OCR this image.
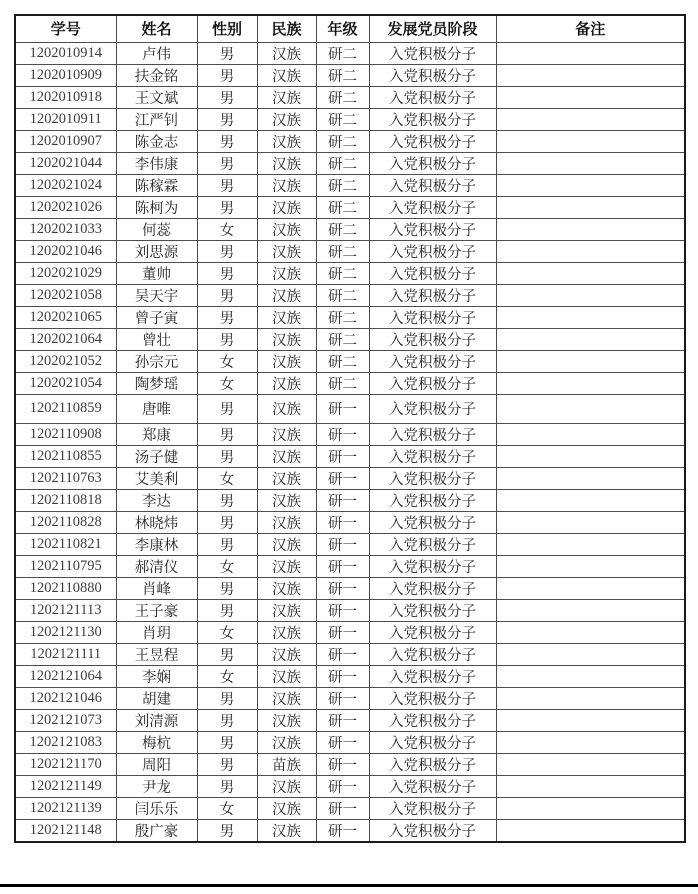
学号	姓名	性别	民族	年级	发展党员阶段	备注
1202010914	卢伟	男	汉族	研二	入党积极分子	
1202010909	扶金铭	男	汉族	研二	入党积极分子	
1202010918	王文斌	男	汉族	研二	入党积极分子	
1202010911	江严钊	男	汉族	研二	入党积极分子	
1202010907	陈金志	男	汉族	研二	入党积极分子	
1202021044	李伟康	男	汉族	研二	入党积极分子	
1202021024	陈稼霖	男	汉族	研二	入党积极分子	
1202021026	陈柯为	男	汉族	研二	入党积极分子	
1202021033	何蕊	女	汉族	研二	入党积极分子	
1202021046	刘思源	男	汉族	研二	入党积极分子	
1202021029	董帅	男	汉族	研二	入党积极分子	
1202021058	吴天宇	男	汉族	研二	入党积极分子	
1202021065	曾子寅	男	汉族	研二	入党积极分子	
1202021064	曾壮	男	汉族	研二	入党积极分子	
1202021052	孙宗元	女	汉族	研二	入党积极分子	
1202021054	陶梦瑶	女	汉族	研二	入党积极分子	
1202110859	唐唯	男	汉族	研一	入党积极分子	
1202110908	郑康	男	汉族	研一	入党积极分子	
1202110855	汤子健	男	汉族	研一	入党积极分子	
1202110763	艾美利	女	汉族	研一	入党积极分子	
1202110818	李达	男	汉族	研一	入党积极分子	
1202110828	林晓炜	男	汉族	研一	入党积极分子	
1202110821	李康林	男	汉族	研一	入党积极分子	
1202110795	郝清仪	女	汉族	研一	入党积极分子	
1202110880	肖峰	男	汉族	研一	入党积极分子	
1202121113	王子豪	男	汉族	研一	入党积极分子	
1202121130	肖玥	女	汉族	研一	入党积极分子	
1202121111	王昱程	男	汉族	研一	入党积极分子	
1202121064	李娴	女	汉族	研一	入党积极分子	
1202121046	胡建	男	汉族	研一	入党积极分子	
1202121073	刘清源	男	汉族	研一	入党积极分子	
1202121083	梅杭	男	汉族	研一	入党积极分子	
1202121170	周阳	男	苗族	研一	入党积极分子	
1202121149	尹龙	男	汉族	研一	入党积极分子	
1202121139	闫乐乐	女	汉族	研一	入党积极分子	
1202121148	殷广豪	男	汉族	研一	入党积极分子	
